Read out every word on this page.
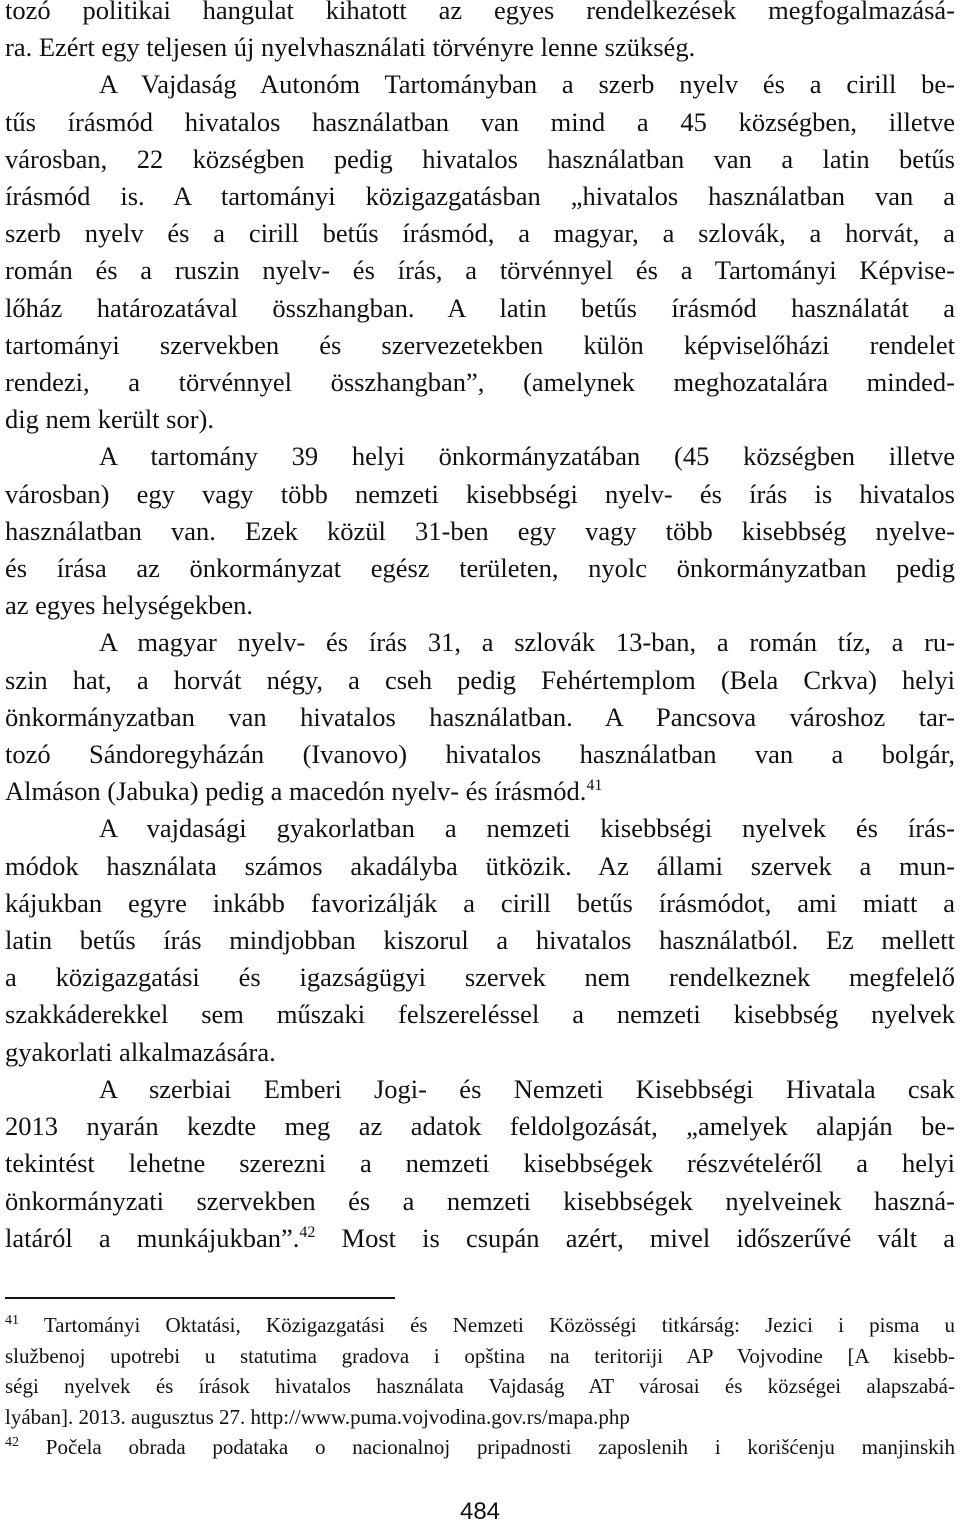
tozó politikai hangulat kihatott az egyes rendelkezések megfogalmazásá-
ra. Ezért egy teljesen új nyelvhasználati törvényre lenne szükség.
A Vajdaság Autonóm Tartományban a szerb nyelv és a cirill be-
tűs írásmód hivatalos használatban van mind a 45 községben, illetve
városban, 22 községben pedig hivatalos használatban van a latin betűs
írásmód is. A tartományi közigazgatásban „hivatalos használatban van a
szerb nyelv és a cirill betűs írásmód, a magyar, a szlovák, a horvát, a
román és a ruszin nyelv- és írás, a törvénnyel és a Tartományi Képvise-
lőház határozatával összhangban. A latin betűs írásmód használatát a
tartományi szervekben és szervezetekben külön képviselőházi rendelet
rendezi, a törvénnyel összhangban”, (amelynek meghozatalára minded-
dig nem került sor).
A tartomány 39 helyi önkormányzatában (45 községben illetve
városban) egy vagy több nemzeti kisebbségi nyelv- és írás is hivatalos
használatban van. Ezek közül 31-ben egy vagy több kisebbség nyelve-
és írása az önkormányzat egész területen, nyolc önkormányzatban pedig
az egyes helységekben.
A magyar nyelv- és írás 31, a szlovák 13-ban, a román tíz, a ru-
szin hat, a horvát négy, a cseh pedig Fehértemplom (Bela Crkva) helyi
önkormányzatban van hivatalos használatban. A Pancsova városhoz tar-
tozó Sándoregyházán (Ivanovo) hivatalos használatban van a bolgár,
Almáson (Jabuka) pedig a macedón nyelv- és írásmód.$^{41}$
A vajdasági gyakorlatban a nemzeti kisebbségi nyelvek és írás-
módok használata számos akadályba ütközik. Az állami szervek a mun-
kájukban egyre inkább favorizálják a cirill betűs írásmódot, ami miatt a
latin betűs írás mindjobban kiszorul a hivatalos használatból. Ez mellett
a közigazgatási és igazságügyi szervek nem rendelkeznek megfelelő
szakkáderekkel sem műszaki felszereléssel a nemzeti kisebbség nyelvek
gyakorlati alkalmazására.
A szerbiai Emberi Jogi- és Nemzeti Kisebbségi Hivatala csak
2013 nyarán kezdte meg az adatok feldolgozását, „amelyek alapján be-
tekintést lehetne szerezni a nemzeti kisebbségek részvételéről a helyi
önkormányzati szervekben és a nemzeti kisebbségek nyelveinek haszná-
latáról a munkájukban”.$^{42}$ Most is csupán azért, mivel időszerűvé vált a
$^{41}$ Tartományi Oktatási, Közigazgatási és Nemzeti Közösségi titkárság: Jezici i pisma u
službenoj upotrebi u statutima gradova i opština na teritoriji AP Vojvodine [A kisebb-
ségi nyelvek és írások hivatalos használata Vajdaság AT városai és községei alapszabá-
lyában]. 2013. augusztus 27. http://www.puma.vojvodina.gov.rs/mapa.php
$^{42}$ Počela obrada podataka o nacionalnoj pripadnosti zaposlenih i korišćenju manjinskih
484
